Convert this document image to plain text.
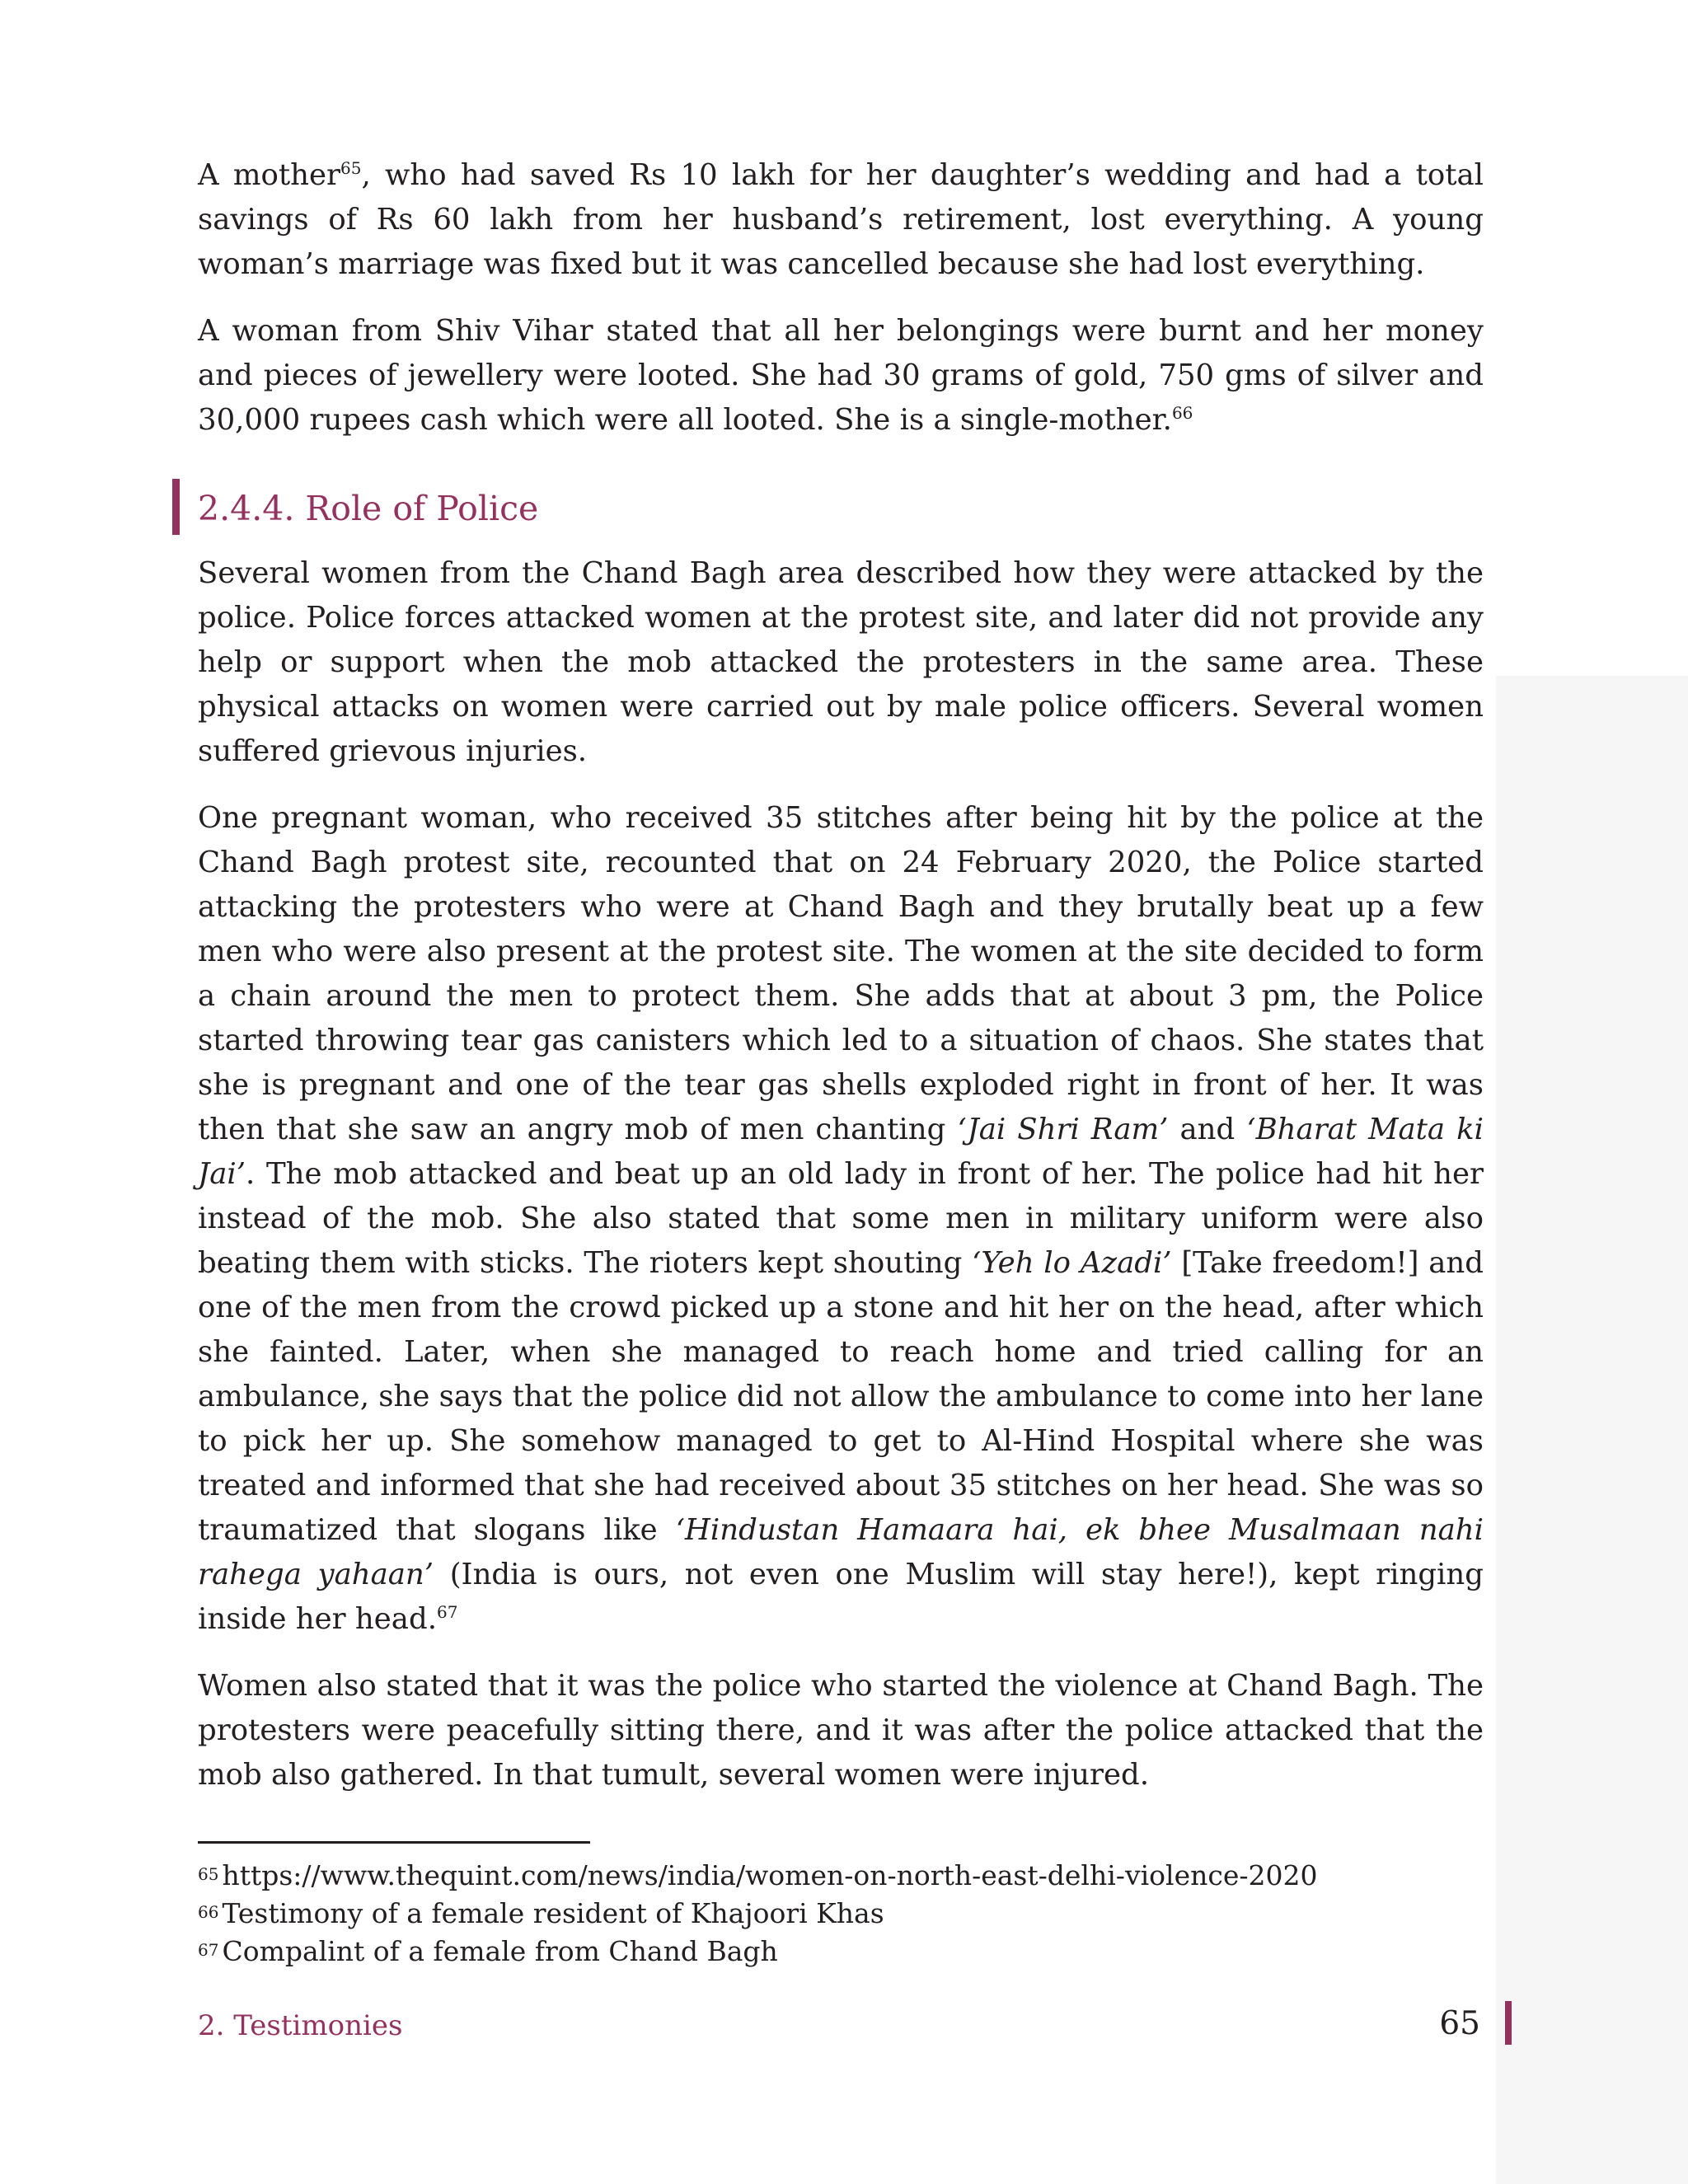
A mother$^{65}$, who had saved Rs 10 lakh for her daughter’s wedding and had a total savings of Rs 60 lakh from her husband’s retirement, lost everything. A young woman’s marriage was fixed but it was cancelled because she had lost everything.

A woman from Shiv Vihar stated that all her belongings were burnt and her money and pieces of jewellery were looted. She had 30 grams of gold, 750 gms of silver and 30,000 rupees cash which were all looted. She is a single-mother.$^{66}$

2.4.4. Role of Police

Several women from the Chand Bagh area described how they were attacked by the police. Police forces attacked women at the protest site, and later did not provide any help or support when the mob attacked the protesters in the same area. These physical attacks on women were carried out by male police officers. Several women suffered grievous injuries.

One pregnant woman, who received 35 stitches after being hit by the police at the Chand Bagh protest site, recounted that on 24 February 2020, the Police started attacking the protesters who were at Chand Bagh and they brutally beat up a few men who were also present at the protest site. The women at the site decided to form a chain around the men to protect them. She adds that at about 3 pm, the Police started throwing tear gas canisters which led to a situation of chaos. She states that she is pregnant and one of the tear gas shells exploded right in front of her. It was then that she saw an angry mob of men chanting ‘Jai Shri Ram’ and ‘Bharat Mata ki Jai’. The mob attacked and beat up an old lady in front of her. The police had hit her instead of the mob. She also stated that some men in military uniform were also beating them with sticks. The rioters kept shouting ‘Yeh lo Azadi’ [Take freedom!] and one of the men from the crowd picked up a stone and hit her on the head, after which she fainted. Later, when she managed to reach home and tried calling for an ambulance, she says that the police did not allow the ambulance to come into her lane to pick her up. She somehow managed to get to Al-Hind Hospital where she was treated and informed that she had received about 35 stitches on her head. She was so traumatized that slogans like ‘Hindustan Hamaara hai, ek bhee Musalmaan nahi rahega yahaan’ (India is ours, not even one Muslim will stay here!), kept ringing inside her head.$^{67}$

Women also stated that it was the police who started the violence at Chand Bagh. The protesters were peacefully sitting there, and it was after the police attacked that the mob also gathered. In that tumult, several women were injured.

65 https://www.thequint.com/news/india/women-on-north-east-delhi-violence-2020
66 Testimony of a female resident of Khajoori Khas
67 Compalint of a female from Chand Bagh
2. Testimonies	65
